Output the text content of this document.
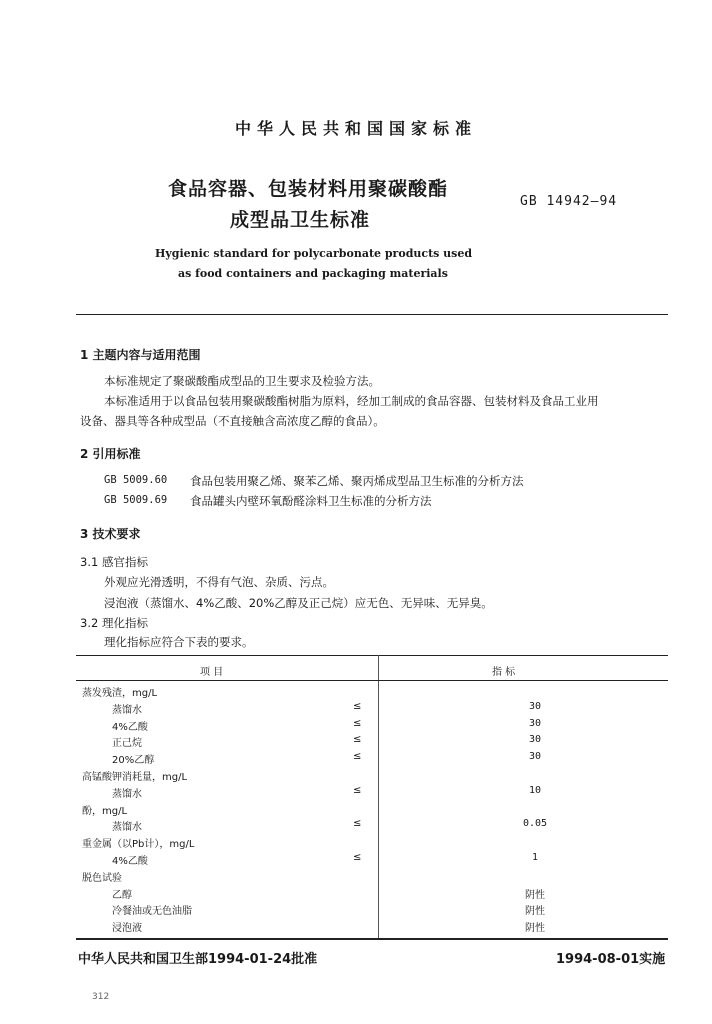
中华人民共和国国家标准
食品容器、包装材料用聚碳酸酯
成型品卫生标准
GB 14942—94
Hygienic standard for polycarbonate products used
as food containers and packaging materials
1 主题内容与适用范围
本标准规定了聚碳酸酯成型品的卫生要求及检验方法。
本标准适用于以食品包装用聚碳酸酯树脂为原料，经加工制成的食品容器、包装材料及食品工业用
设备、器具等各种成型品（不直接触含高浓度乙醇的食品）。
2 引用标准
GB 5009.60 食品包装用聚乙烯、聚苯乙烯、聚丙烯成型品卫生标准的分析方法
GB 5009.69 食品罐头内壁环氧酚醛涂料卫生标准的分析方法
3 技术要求
3.1 感官指标
外观应光滑透明，不得有气泡、杂质、污点。
浸泡液（蒸馏水、4%乙酸、20%乙醇及正己烷）应无色、无异味、无异臭。
3.2 理化指标
理化指标应符合下表的要求。
项 目	指 标
蒸发残渣，mg/L
蒸馏水	≤	30
4%乙酸	≤	30
正己烷	≤	30
20%乙醇	≤	30
高锰酸钾消耗量，mg/L
蒸馏水	≤	10
酚，mg/L
蒸馏水	≤	0.05
重金属（以Pb计），mg/L
4%乙酸	≤	1
脱色试验
乙醇	阴性
冷餐油或无色油脂	阴性
浸泡液	阴性
中华人民共和国卫生部1994-01-24批准	1994-08-01实施
312
